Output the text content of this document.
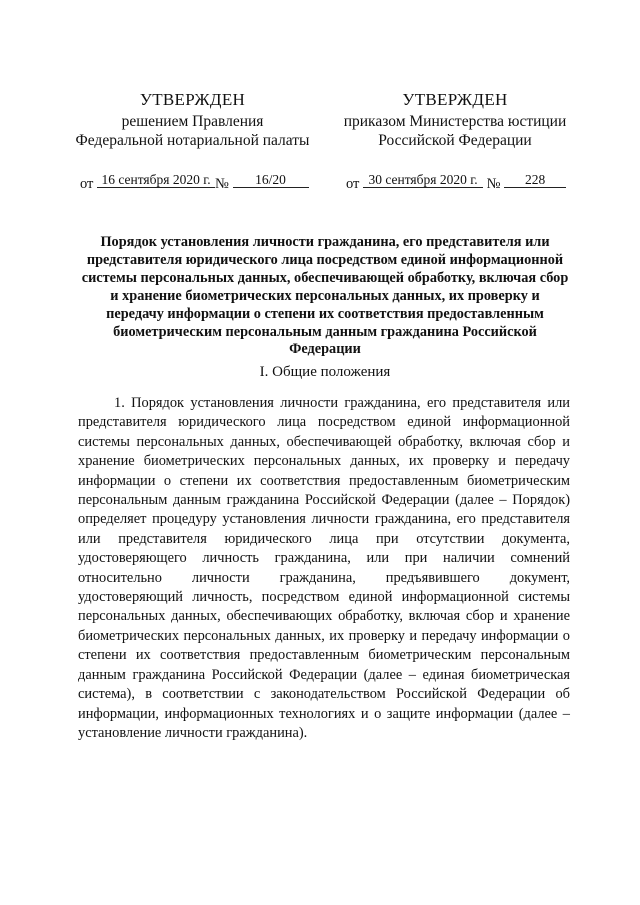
УТВЕРЖДЕН
решением Правления
Федеральной нотариальной палаты
УТВЕРЖДЕН
приказом Министерства юстиции
Российской Федерации
от 16 сентября 2020 г. № 16/20	от 30 сентября 2020 г. № 228
Порядок установления личности гражданина, его представителя или представителя юридического лица посредством единой информационной системы персональных данных, обеспечивающей обработку, включая сбор и хранение биометрических персональных данных, их проверку и передачу информации о степени их соответствия предоставленным биометрическим персональным данным гражданина Российской Федерации
I. Общие положения

1. Порядок установления личности гражданина, его представителя или представителя юридического лица посредством единой информационной системы персональных данных, обеспечивающей обработку, включая сбор и хранение биометрических персональных данных, их проверку и передачу информации о степени их соответствия предоставленным биометрическим персональным данным гражданина Российской Федерации (далее – Порядок) определяет процедуру установления личности гражданина, его представителя или представителя юридического лица при отсутствии документа, удостоверяющего личность гражданина, или при наличии сомнений относительно личности гражданина, предъявившего документ, удостоверяющий личность, посредством единой информационной системы персональных данных, обеспечивающих обработку, включая сбор и хранение биометрических персональных данных, их проверку и передачу информации о степени их соответствия предоставленным биометрическим персональным данным гражданина Российской Федерации (далее – единая биометрическая система), в соответствии с законодательством Российской Федерации об информации, информационных технологиях и о защите информации (далее – установление личности гражданина).
